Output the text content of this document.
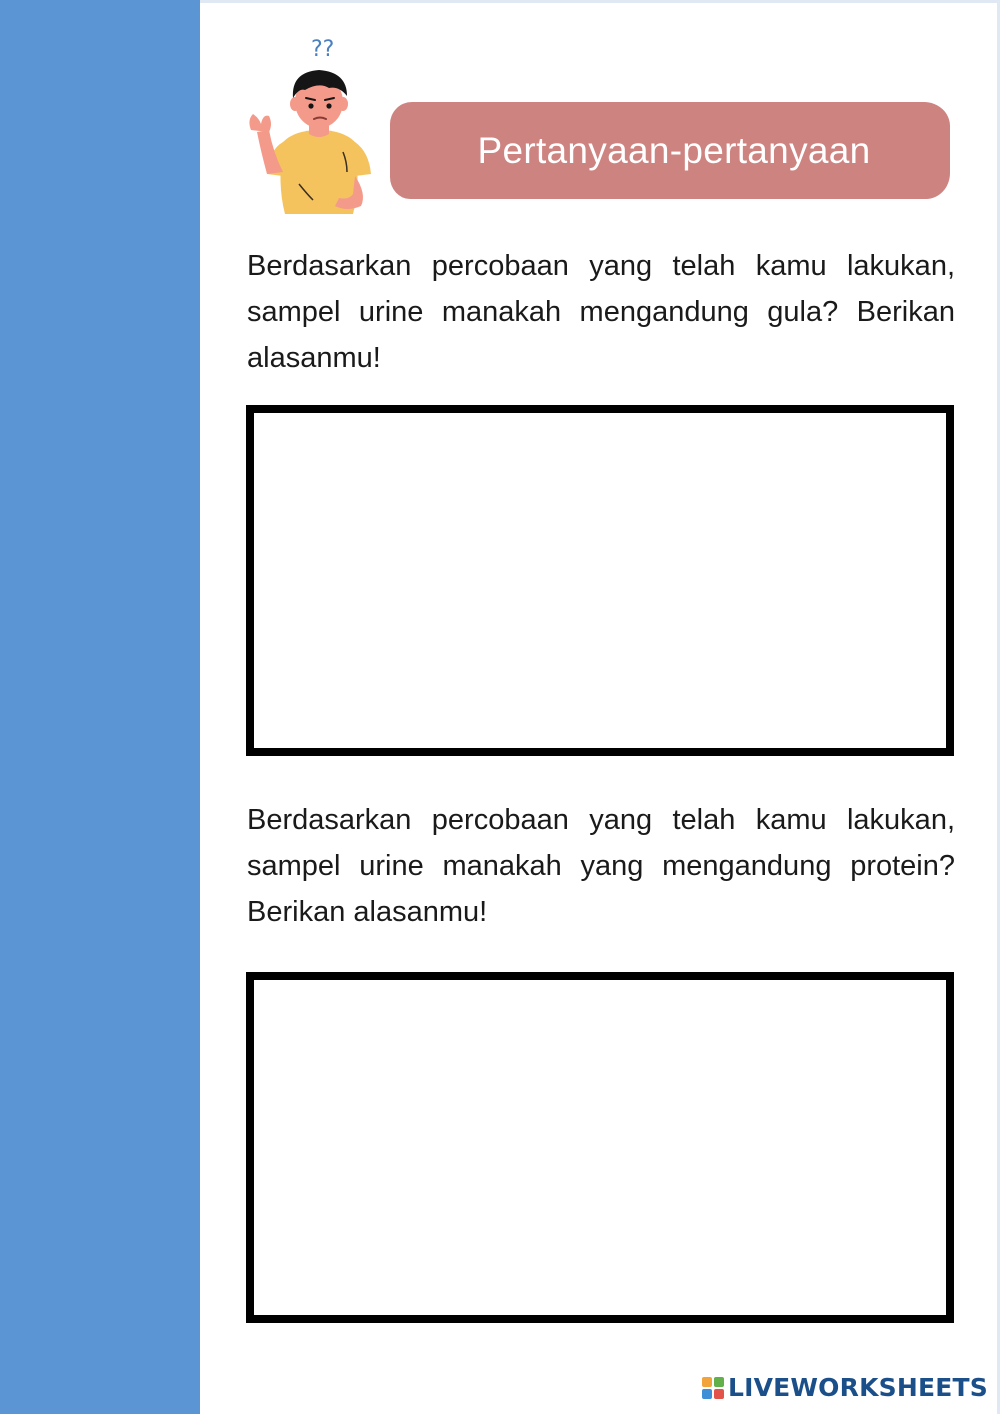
??
Pertanyaan-pertanyaan

Berdasarkan percobaan yang telah kamu lakukan, sampel urine manakah mengandung gula? Berikan alasanmu!

Berdasarkan percobaan yang telah kamu lakukan, sampel urine manakah yang mengandung protein? Berikan alasanmu!

LIVEWORKSHEETS
